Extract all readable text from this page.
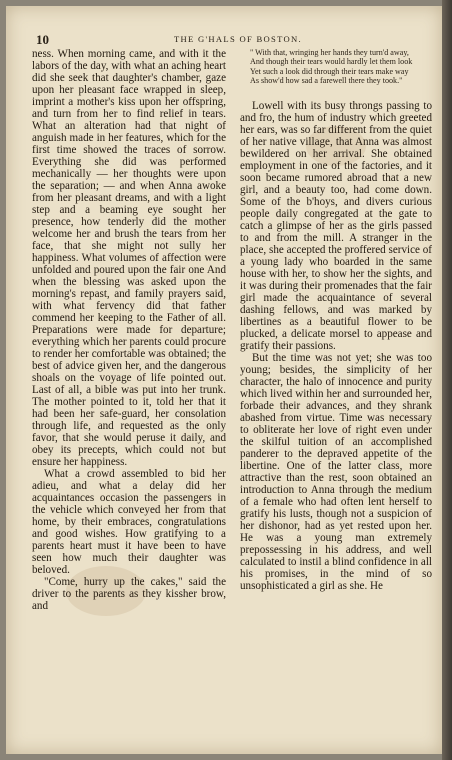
10	THE G'HALS OF BOSTON.

ness. When morning came, and with it the labors of the day, with what an aching heart did she seek that daughter's chamber, gaze upon her pleasant face wrapped in sleep, imprint a mother's kiss upon her offspring, and turn from her to find relief in tears. What an alteration had that night of anguish made in her features, which for the first time showed the traces of sorrow. Everything she did was performed mechanically — her thoughts were upon the separation; — and when Anna awoke from her pleasant dreams, and with a light step and a beaming eye sought her presence, how tenderly did the mother welcome her and brush the tears from her face, that she might not sully her happiness. What volumes of affection were unfolded and poured upon the fair one And when the blessing was asked upon the morning's repast, and family prayers said, with what fervency did that father commend her keeping to the Father of all. Preparations were made for departure; everything which her parents could procure to render her comfortable was obtained; the best of advice given her, and the dangerous shoals on the voyage of life pointed out. Last of all, a bible was put into her trunk. The mother pointed to it, told her that it had been her safe-guard, her consolation through life, and requested as the only favor, that she would peruse it daily, and obey its precepts, which could not but ensure her happiness.

What a crowd assembled to bid her adieu, and what a delay did her acquaintances occasion the passengers in the vehicle which conveyed her from that home, by their embraces, congratulations and good wishes. How gratifying to a parents heart must it have been to have seen how much their daughter was beloved.

"Come, hurry up the cakes," said the driver to the parents as they kissher brow, and

" With that, wringing her hands they turn'd away,
And though their tears would hardly let them look
Yet such a look did through their tears make way
As show'd how sad a farewell there they took."

Lowell with its busy throngs passing to and fro, the hum of industry which greeted her ears, was so far different from the quiet of her native village, that Anna was almost bewildered on her arrival. She obtained employment in one of the factories, and it soon became rumored abroad that a new girl, and a beauty too, had come down. Some of the b'hoys, and divers curious people daily congregated at the gate to catch a glimpse of her as the girls passed to and from the mill. A stranger in the place, she accepted the proffered service of a young lady who boarded in the same house with her, to show her the sights, and it was during their promenades that the fair girl made the acquaintance of several dashing fellows, and was marked by libertines as a beautiful flower to be plucked, a delicate morsel to appease and gratify their passions.

But the time was not yet; she was too young; besides, the simplicity of her character, the halo of innocence and purity which lived within her and surrounded her, forbade their advances, and they shrank abashed from virtue. Time was necessary to obliterate her love of right even under the skilful tuition of an accomplished panderer to the depraved appetite of the libertine. One of the latter class, more attractive than the rest, soon obtained an introduction to Anna through the medium of a female who had often lent herself to gratify his lusts, though not a suspicion of her dishonor, had as yet rested upon her. He was a young man extremely prepossessing in his address, and well calculated to instil a blind confidence in all his promises, in the mind of so unsophisticated a girl as she. He
